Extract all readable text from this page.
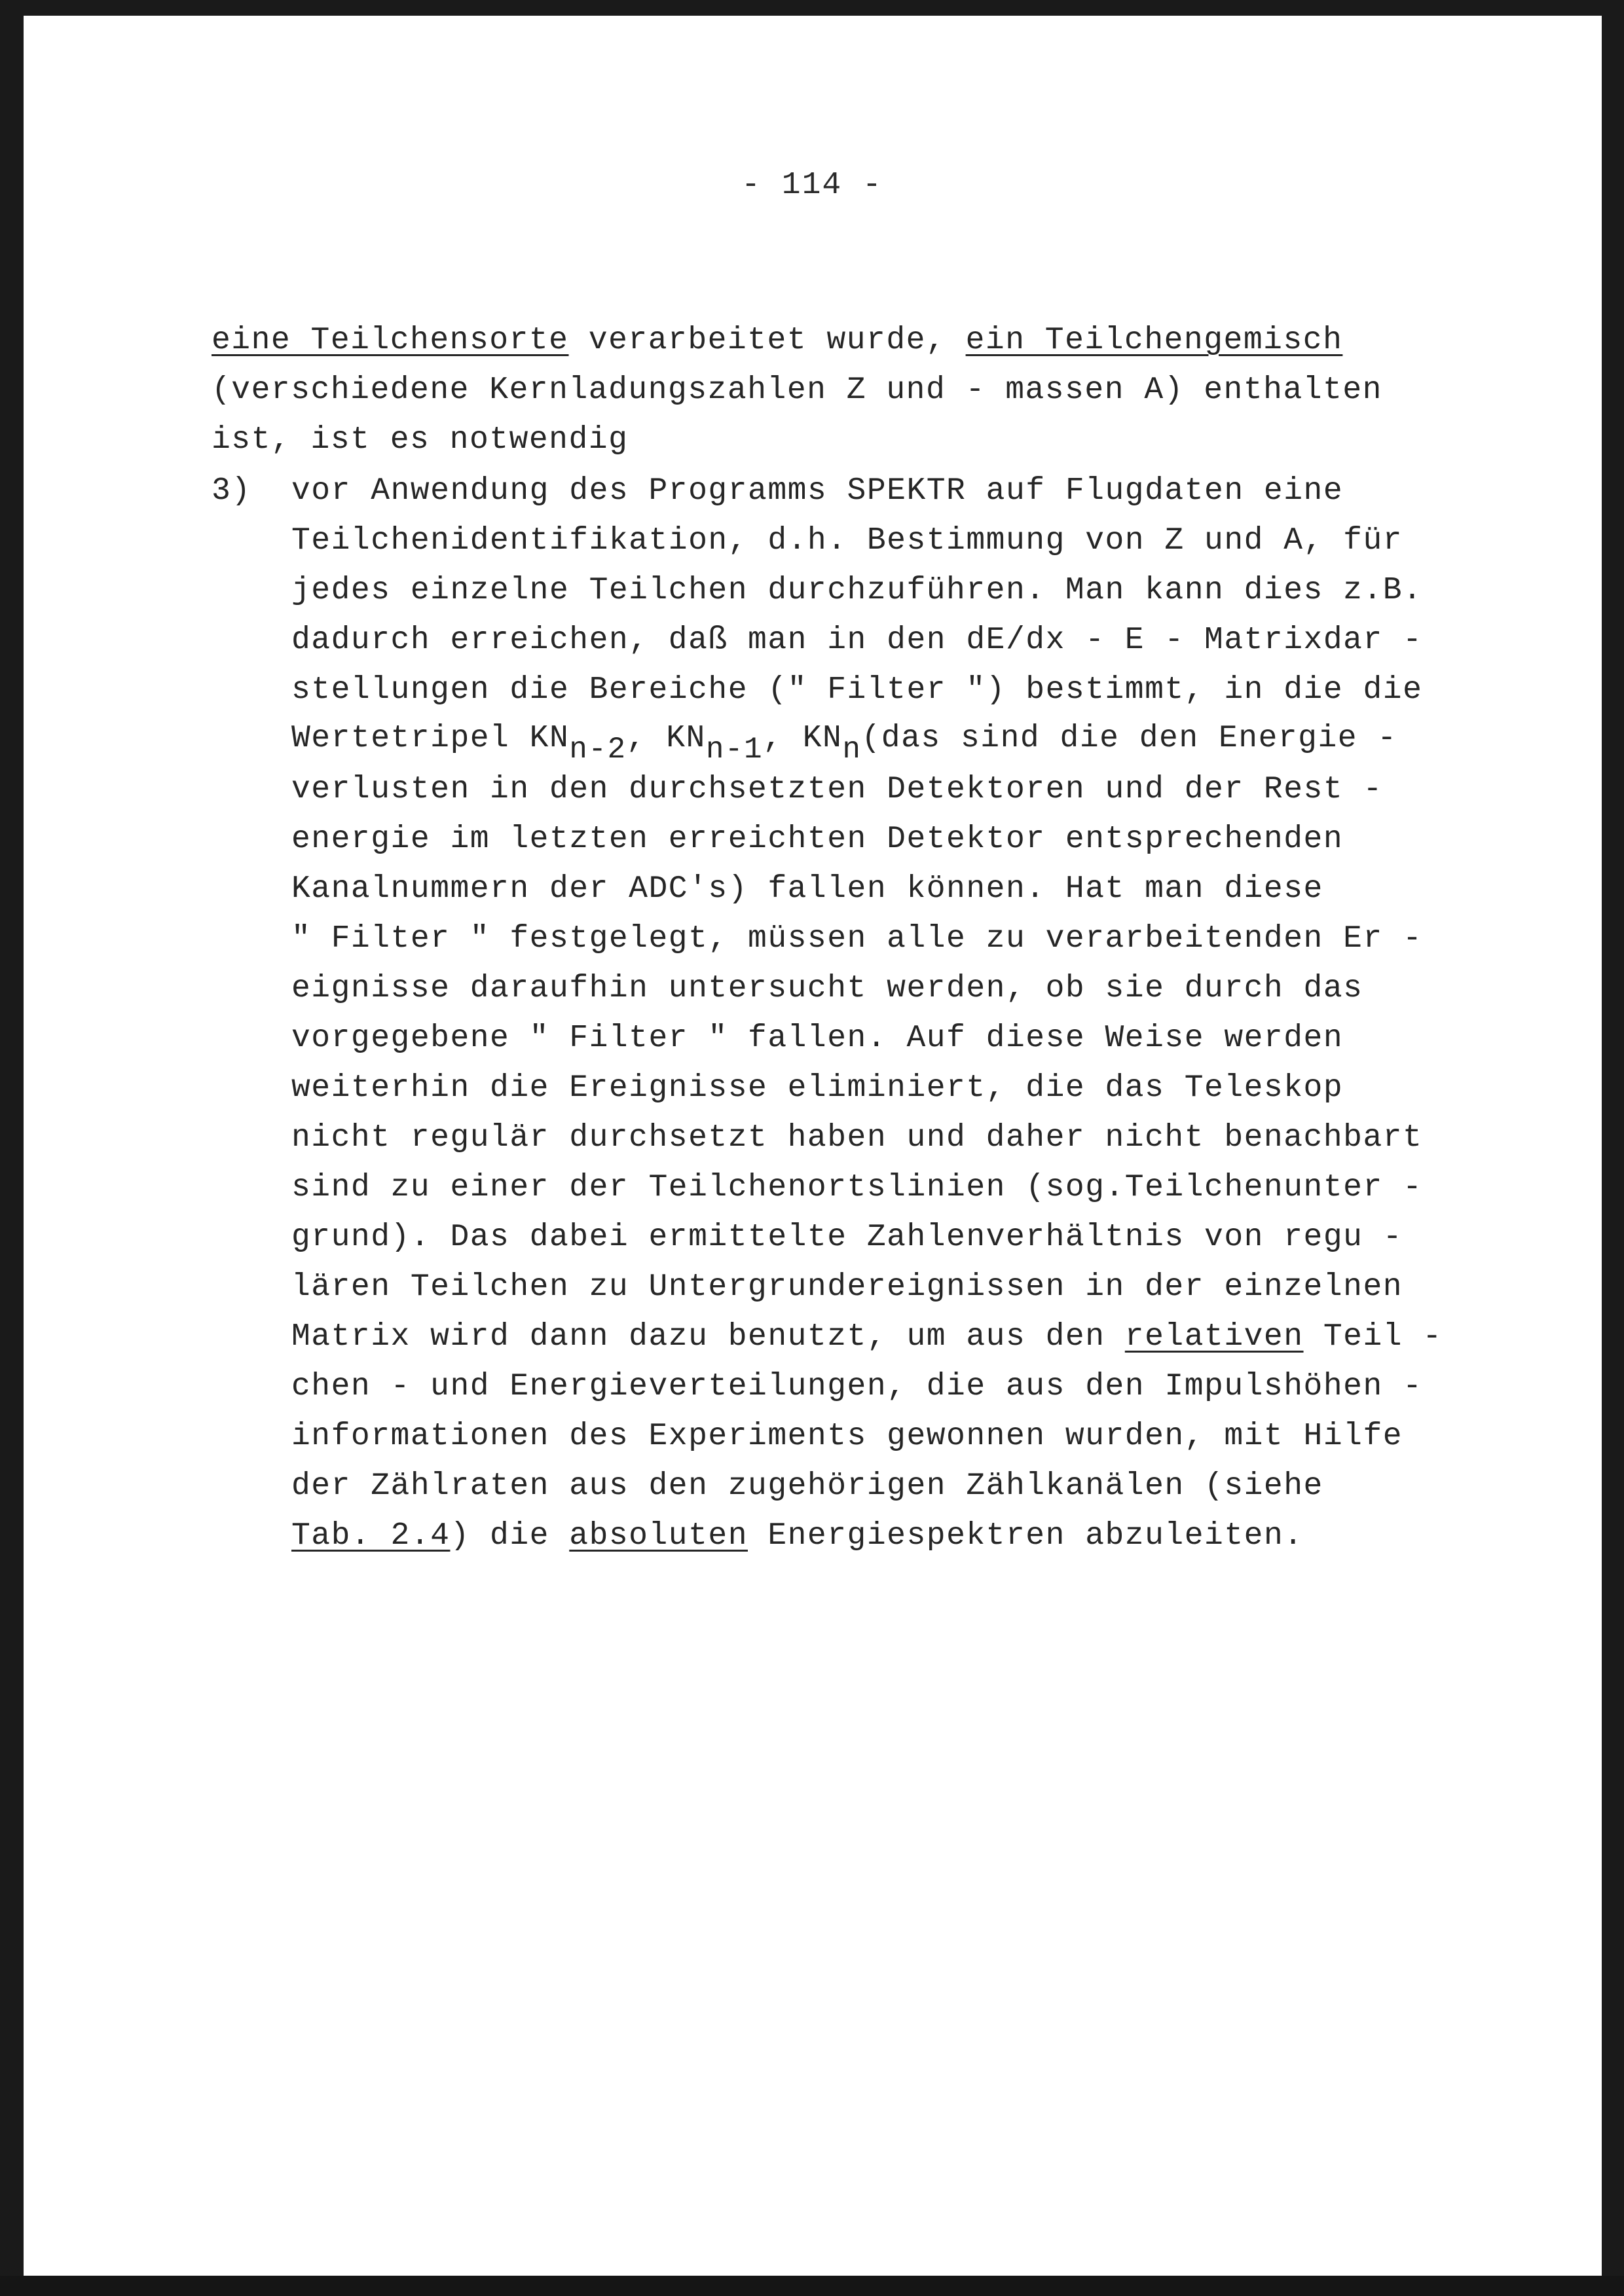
- 114 -
eine Teilchensorte verarbeitet wurde, ein Teilchengemisch
(verschiedene Kernladungszahlen Z und - massen A) enthalten
ist, ist es notwendig
3) vor Anwendung des Programms SPEKTR auf Flugdaten eine
Teilchenidentifikation, d.h. Bestimmung von Z und A, für
jedes einzelne Teilchen durchzuführen. Man kann dies z.B.
dadurch erreichen, daß man in den dE/dx - E - Matrixdar -
stellungen die Bereiche (" Filter ") bestimmt, in die die
Wertetripel $KN_{n-2}$, $KN_{n-1}$, $KN_n(das$ sind die den Energie -
verlusten in den durchsetzten Detektoren und der Rest -
energie im letzten erreichten Detektor entsprechenden
Kanalnummern der ADC's) fallen können. Hat man diese
" Filter " festgelegt, müssen alle zu verarbeitenden Er -
eignisse daraufhin untersucht werden, ob sie durch das
vorgegebene " Filter " fallen. Auf diese Weise werden
weiterhin die Ereignisse eliminiert, die das Teleskop
nicht regulär durchsetzt haben und daher nicht benachbart
sind zu einer der Teilchenortslinien (sog.Teilchenunter -
grund). Das dabei ermittelte Zahlenverhältnis von regu -
lären Teilchen zu Untergrundereignissen in der einzelnen
Matrix wird dann dazu benutzt, um aus den relativen Teil -
chen - und Energieverteilungen, die aus den Impulshöhen -
informationen des Experiments gewonnen wurden, mit Hilfe
der Zählraten aus den zugehörigen Zählkanälen (siehe
Tab. 2.4) die absoluten Energiespektren abzuleiten.
